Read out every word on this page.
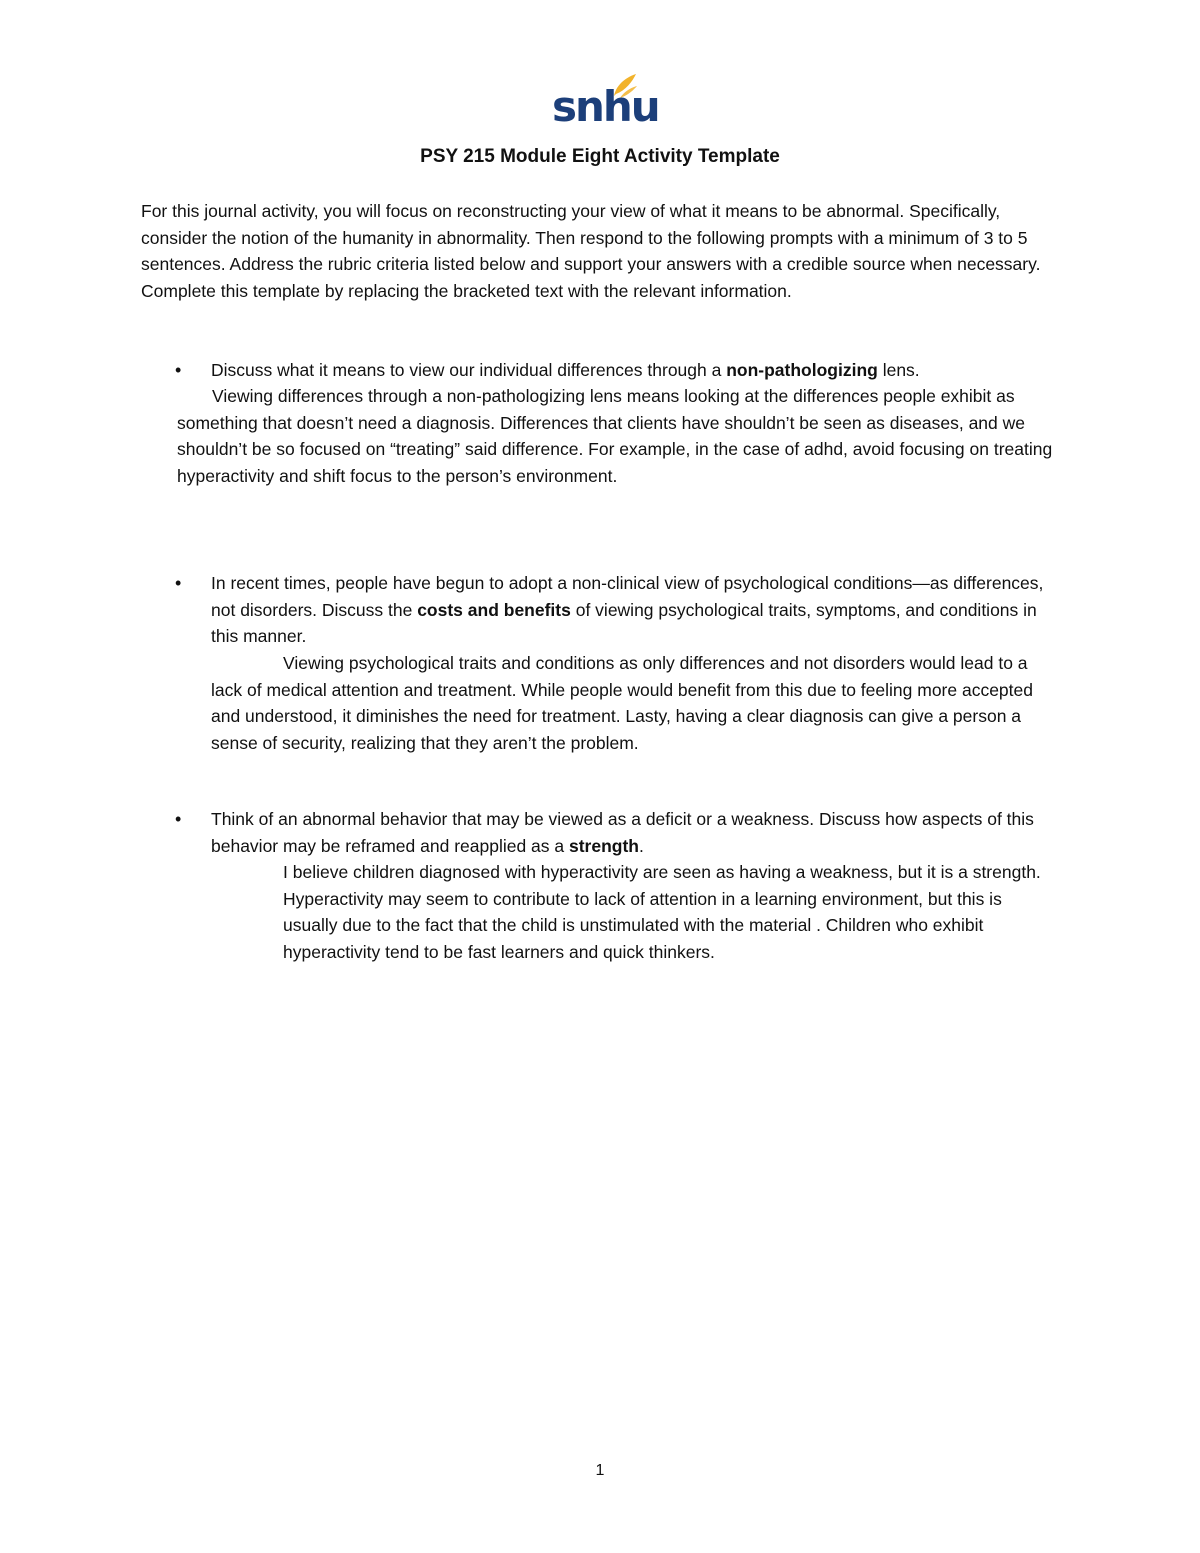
snhu
PSY 215 Module Eight Activity Template
For this journal activity, you will focus on reconstructing your view of what it means to be abnormal. Specifically, consider the notion of the humanity in abnormality. Then respond to the following prompts with a minimum of 3 to 5 sentences. Address the rubric criteria listed below and support your answers with a credible source when necessary. Complete this template by replacing the bracketed text with the relevant information.
• Discuss what it means to view our individual differences through a non-pathologizing lens.
Viewing differences through a non-pathologizing lens means looking at the differences people exhibit as something that doesn’t need a diagnosis. Differences that clients have shouldn’t be seen as diseases, and we shouldn’t be so focused on “treating” said difference. For example, in the case of adhd, avoid focusing on treating hyperactivity and shift focus to the person’s environment.
• In recent times, people have begun to adopt a non-clinical view of psychological conditions—as differences, not disorders. Discuss the costs and benefits of viewing psychological traits, symptoms, and conditions in this manner.
Viewing psychological traits and conditions as only differences and not disorders would lead to a lack of medical attention and treatment. While people would benefit from this due to feeling more accepted and understood, it diminishes the need for treatment. Lasty, having a clear diagnosis can give a person a sense of security, realizing that they aren’t the problem.
• Think of an abnormal behavior that may be viewed as a deficit or a weakness. Discuss how aspects of this behavior may be reframed and reapplied as a strength.
I believe children diagnosed with hyperactivity are seen as having a weakness, but it is a strength. Hyperactivity may seem to contribute to lack of attention in a learning environment, but this is usually due to the fact that the child is unstimulated with the material . Children who exhibit hyperactivity tend to be fast learners and quick thinkers.
1
